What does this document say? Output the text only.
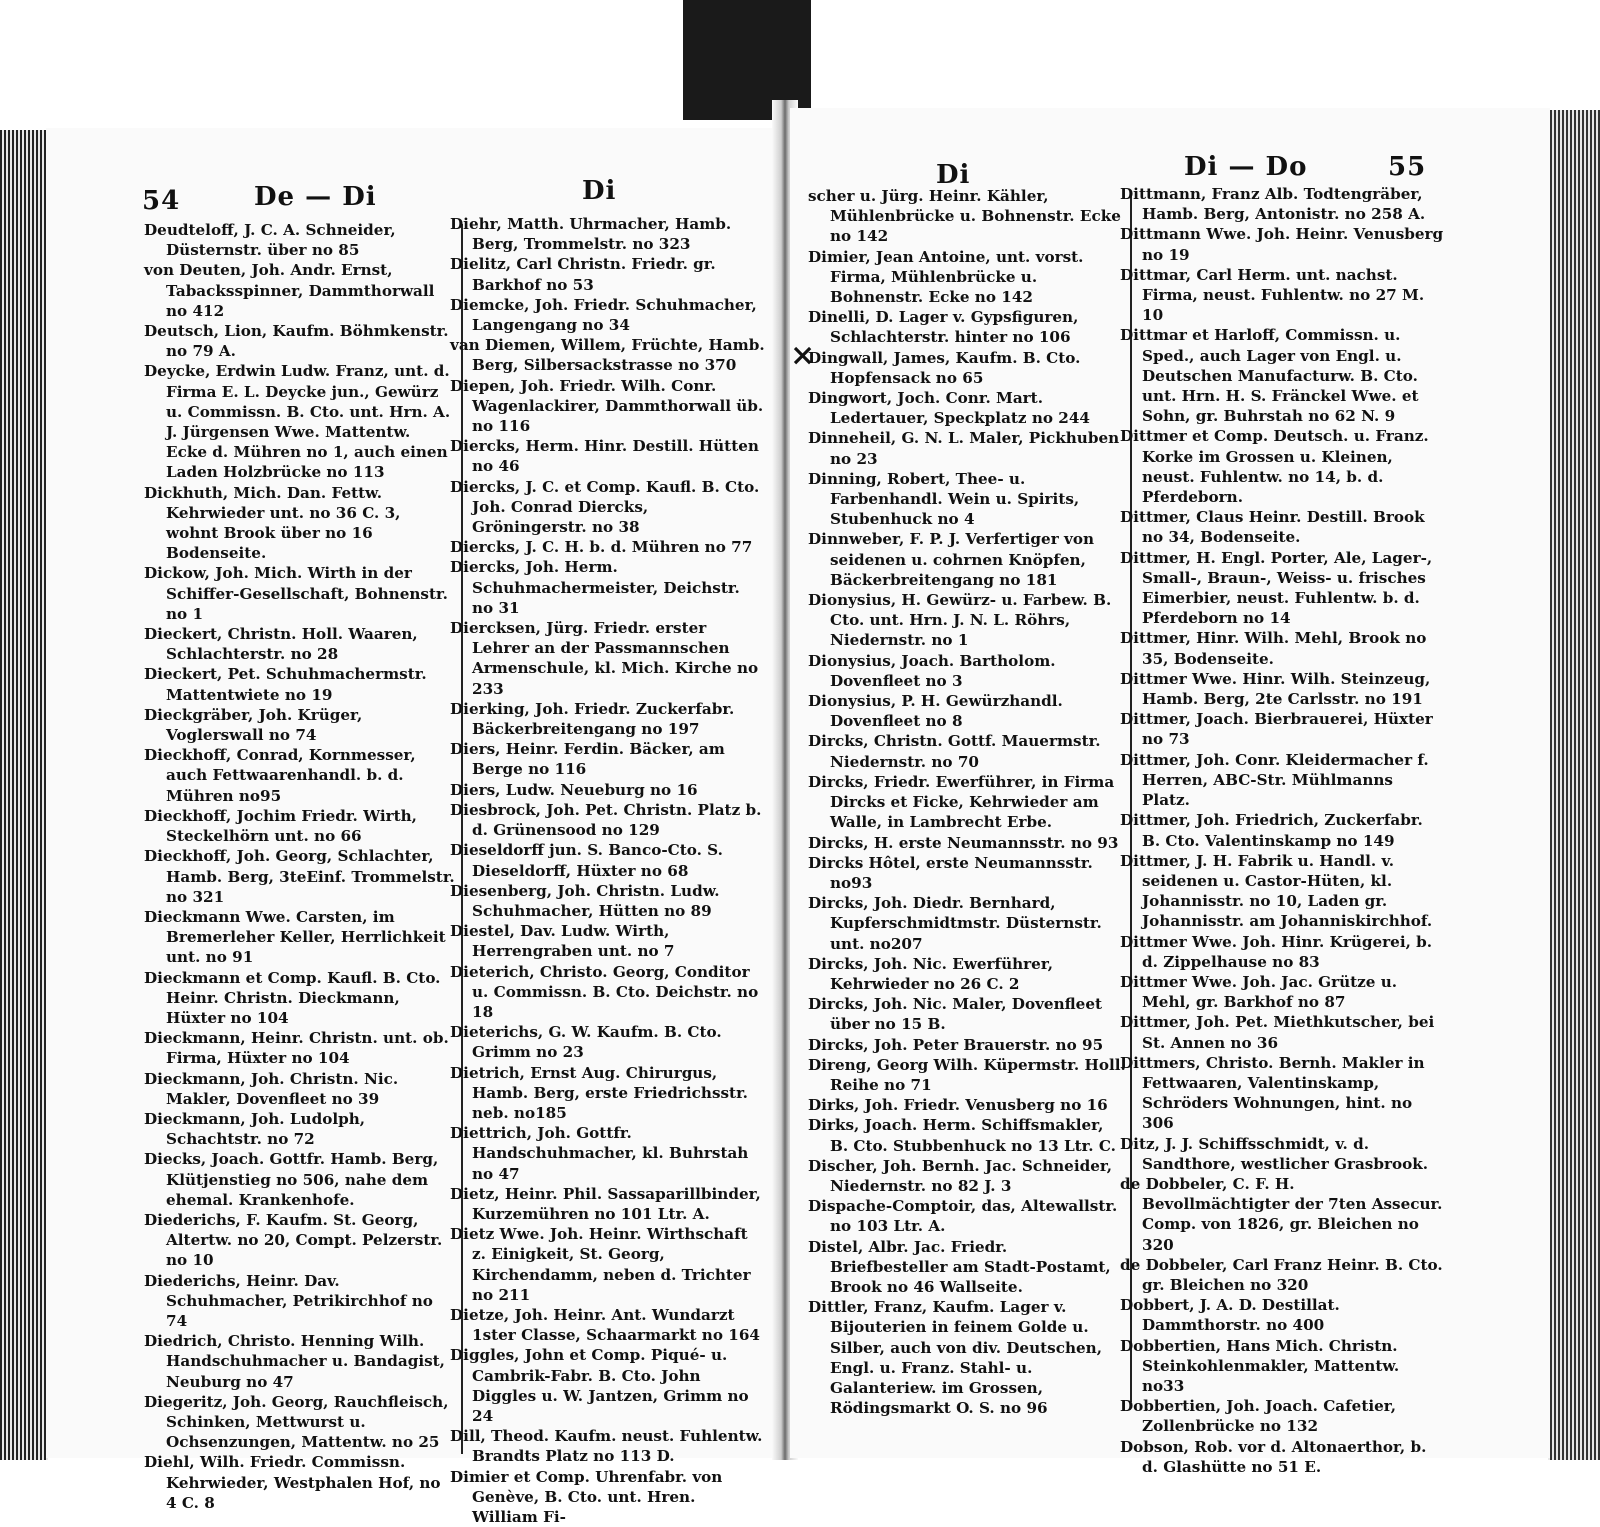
54	De — Di	Di

Deudteloff, J. C. A. Schneider, Düsternstr. über no 85

von Deuten, Joh. Andr. Ernst, Tabacksspinner, Dammthorwall no 412

Deutsch, Lion, Kaufm. Böhmkenstr. no 79 A.

Deycke, Erdwin Ludw. Franz, unt. d. Firma E. L. Deycke jun., Gewürz u. Commissn. B. Cto. unt. Hrn. A. J. Jürgensen Wwe. Mattentw. Ecke d. Mühren no 1, auch einen Laden Holzbrücke no 113

Dickhuth, Mich. Dan. Fettw. Kehrwieder unt. no 36 C. 3, wohnt Brook über no 16 Bodenseite.

Dickow, Joh. Mich. Wirth in der Schiffer-Gesellschaft, Bohnenstr. no 1

Dieckert, Christn. Holl. Waaren, Schlachterstr. no 28

Dieckert, Pet. Schuhmachermstr. Mattentwiete no 19

Dieckgräber, Joh. Krüger, Voglerswall no 74

Dieckhoff, Conrad, Kornmesser, auch Fettwaarenhandl. b. d. Mühren no95

Dieckhoff, Jochim Friedr. Wirth, Steckelhörn unt. no 66

Dieckhoff, Joh. Georg, Schlachter, Hamb. Berg, 3teEinf. Trommelstr. no 321

Dieckmann Wwe. Carsten, im Bremerleher Keller, Herrlichkeit unt. no 91

Dieckmann et Comp. Kaufl. B. Cto. Heinr. Christn. Dieckmann, Hüxter no 104

Dieckmann, Heinr. Christn. unt. ob. Firma, Hüxter no 104

Dieckmann, Joh. Christn. Nic. Makler, Dovenfleet no 39

Dieckmann, Joh. Ludolph, Schachtstr. no 72

Diecks, Joach. Gottfr. Hamb. Berg, Klütjenstieg no 506, nahe dem ehemal. Krankenhofe.

Diederichs, F. Kaufm. St. Georg, Altertw. no 20, Compt. Pelzerstr. no 10

Diederichs, Heinr. Dav. Schuhmacher, Petrikirchhof no 74

Diedrich, Christo. Henning Wilh. Handschuhmacher u. Bandagist, Neuburg no 47

Diegeritz, Joh. Georg, Rauchfleisch, Schinken, Mettwurst u. Ochsenzungen, Mattentw. no 25

Diehl, Wilh. Friedr. Commissn. Kehrwieder, Westphalen Hof, no 4 C. 8

Diehr, Matth. Uhrmacher, Hamb. Berg, Trommelstr. no 323

Dielitz, Carl Christn. Friedr. gr. Barkhof no 53

Diemcke, Joh. Friedr. Schuhmacher, Langengang no 34

van Diemen, Willem, Früchte, Hamb. Berg, Silbersackstrasse no 370

Diepen, Joh. Friedr. Wilh. Conr. Wagenlackirer, Dammthorwall üb. no 116

Diercks, Herm. Hinr. Destill. Hütten no 46

Diercks, J. C. et Comp. Kaufl. B. Cto. Joh. Conrad Diercks, Gröningerstr. no 38

Diercks, J. C. H. b. d. Mühren no 77

Diercks, Joh. Herm. Schuhmachermeister, Deichstr. no 31

Diercksen, Jürg. Friedr. erster Lehrer an der Passmannschen Armenschule, kl. Mich. Kirche no 233

Dierking, Joh. Friedr. Zuckerfabr. Bäckerbreitengang no 197

Diers, Heinr. Ferdin. Bäcker, am Berge no 116

Diers, Ludw. Neueburg no 16

Diesbrock, Joh. Pet. Christn. Platz b. d. Grünensood no 129

Dieseldorff jun. S. Banco-Cto. S. Dieseldorff, Hüxter no 68

Diesenberg, Joh. Christn. Ludw. Schuhmacher, Hütten no 89

Diestel, Dav. Ludw. Wirth, Herrengraben unt. no 7

Dieterich, Christo. Georg, Conditor u. Commissn. B. Cto. Deichstr. no 18

Dieterichs, G. W. Kaufm. B. Cto. Grimm no 23

Dietrich, Ernst Aug. Chirurgus, Hamb. Berg, erste Friedrichsstr. neb. no185

Diettrich, Joh. Gottfr. Handschuhmacher, kl. Buhrstah no 47

Dietz, Heinr. Phil. Sassaparillbinder, Kurzemühren no 101 Ltr. A.

Dietz Wwe. Joh. Heinr. Wirthschaft z. Einigkeit, St. Georg, Kirchendamm, neben d. Trichter no 211

Dietze, Joh. Heinr. Ant. Wundarzt 1ster Classe, Schaarmarkt no 164

Diggles, John et Comp. Piqué- u. Cambrik-Fabr. B. Cto. John Diggles u. W. Jantzen, Grimm no 24

Dill, Theod. Kaufm. neust. Fuhlentw. Brandts Platz no 113 D.

Dimier et Comp. Uhrenfabr. von Genève, B. Cto. unt. Hren. William Fi-

Di	Di — Do	55
×

scher u. Jürg. Heinr. Kähler, Mühlenbrücke u. Bohnenstr. Ecke no 142

Dimier, Jean Antoine, unt. vorst. Firma, Mühlenbrücke u. Bohnenstr. Ecke no 142

Dinelli, D. Lager v. Gypsfiguren, Schlachterstr. hinter no 106

Dingwall, James, Kaufm. B. Cto. Hopfensack no 65

Dingwort, Joch. Conr. Mart. Ledertauer, Speckplatz no 244

Dinneheil, G. N. L. Maler, Pickhuben no 23

Dinning, Robert, Thee- u. Farbenhandl. Wein u. Spirits, Stubenhuck no 4

Dinnweber, F. P. J. Verfertiger von seidenen u. cohrnen Knöpfen, Bäckerbreitengang no 181

Dionysius, H. Gewürz- u. Farbew. B. Cto. unt. Hrn. J. N. L. Röhrs, Niedernstr. no 1

Dionysius, Joach. Bartholom. Dovenfleet no 3

Dionysius, P. H. Gewürzhandl. Dovenfleet no 8

Dircks, Christn. Gottf. Mauermstr. Niedernstr. no 70

Dircks, Friedr. Ewerführer, in Firma Dircks et Ficke, Kehrwieder am Walle, in Lambrecht Erbe.

Dircks, H. erste Neumannsstr. no 93

Dircks Hôtel, erste Neumannsstr. no93

Dircks, Joh. Diedr. Bernhard, Kupferschmidtmstr. Düsternstr. unt. no207

Dircks, Joh. Nic. Ewerführer, Kehrwieder no 26 C. 2

Dircks, Joh. Nic. Maler, Dovenfleet über no 15 B.

Dircks, Joh. Peter Brauerstr. no 95

Direng, Georg Wilh. Küpermstr. Holl. Reihe no 71

Dirks, Joh. Friedr. Venusberg no 16

Dirks, Joach. Herm. Schiffsmakler, B. Cto. Stubbenhuck no 13 Ltr. C.

Discher, Joh. Bernh. Jac. Schneider, Niedernstr. no 82 J. 3

Dispache-Comptoir, das, Altewallstr. no 103 Ltr. A.

Distel, Albr. Jac. Friedr. Briefbesteller am Stadt-Postamt, Brook no 46 Wallseite.

Dittler, Franz, Kaufm. Lager v. Bijouterien in feinem Golde u. Silber, auch von div. Deutschen, Engl. u. Franz. Stahl- u. Galanteriew. im Grossen, Rödingsmarkt O. S. no 96

Dittmann, Franz Alb. Todtengräber, Hamb. Berg, Antonistr. no 258 A.

Dittmann Wwe. Joh. Heinr. Venusberg no 19

Dittmar, Carl Herm. unt. nachst. Firma, neust. Fuhlentw. no 27 M. 10

Dittmar et Harloff, Commissn. u. Sped., auch Lager von Engl. u. Deutschen Manufacturw. B. Cto. unt. Hrn. H. S. Fränckel Wwe. et Sohn, gr. Buhrstah no 62 N. 9

Dittmer et Comp. Deutsch. u. Franz. Korke im Grossen u. Kleinen, neust. Fuhlentw. no 14, b. d. Pferdeborn.

Dittmer, Claus Heinr. Destill. Brook no 34, Bodenseite.

Dittmer, H. Engl. Porter, Ale, Lager-, Small-, Braun-, Weiss- u. frisches Eimerbier, neust. Fuhlentw. b. d. Pferdeborn no 14

Dittmer, Hinr. Wilh. Mehl, Brook no 35, Bodenseite.

Dittmer Wwe. Hinr. Wilh. Steinzeug, Hamb. Berg, 2te Carlsstr. no 191

Dittmer, Joach. Bierbrauerei, Hüxter no 73

Dittmer, Joh. Conr. Kleidermacher f. Herren, ABC-Str. Mühlmanns Platz.

Dittmer, Joh. Friedrich, Zuckerfabr. B. Cto. Valentinskamp no 149

Dittmer, J. H. Fabrik u. Handl. v. seidenen u. Castor-Hüten, kl. Johannisstr. no 10, Laden gr. Johannisstr. am Johanniskirchhof.

Dittmer Wwe. Joh. Hinr. Krügerei, b. d. Zippelhause no 83

Dittmer Wwe. Joh. Jac. Grütze u. Mehl, gr. Barkhof no 87

Dittmer, Joh. Pet. Miethkutscher, bei St. Annen no 36

Dittmers, Christo. Bernh. Makler in Fettwaaren, Valentinskamp, Schröders Wohnungen, hint. no 306

Ditz, J. J. Schiffsschmidt, v. d. Sandthore, westlicher Grasbrook.

de Dobbeler, C. F. H. Bevollmächtigter der 7ten Assecur. Comp. von 1826, gr. Bleichen no 320

de Dobbeler, Carl Franz Heinr. B. Cto. gr. Bleichen no 320

Dobbert, J. A. D. Destillat. Dammthorstr. no 400

Dobbertien, Hans Mich. Christn. Steinkohlenmakler, Mattentw. no33

Dobbertien, Joh. Joach. Cafetier, Zollenbrücke no 132

Dobson, Rob. vor d. Altonaerthor, b. d. Glashütte no 51 E.
